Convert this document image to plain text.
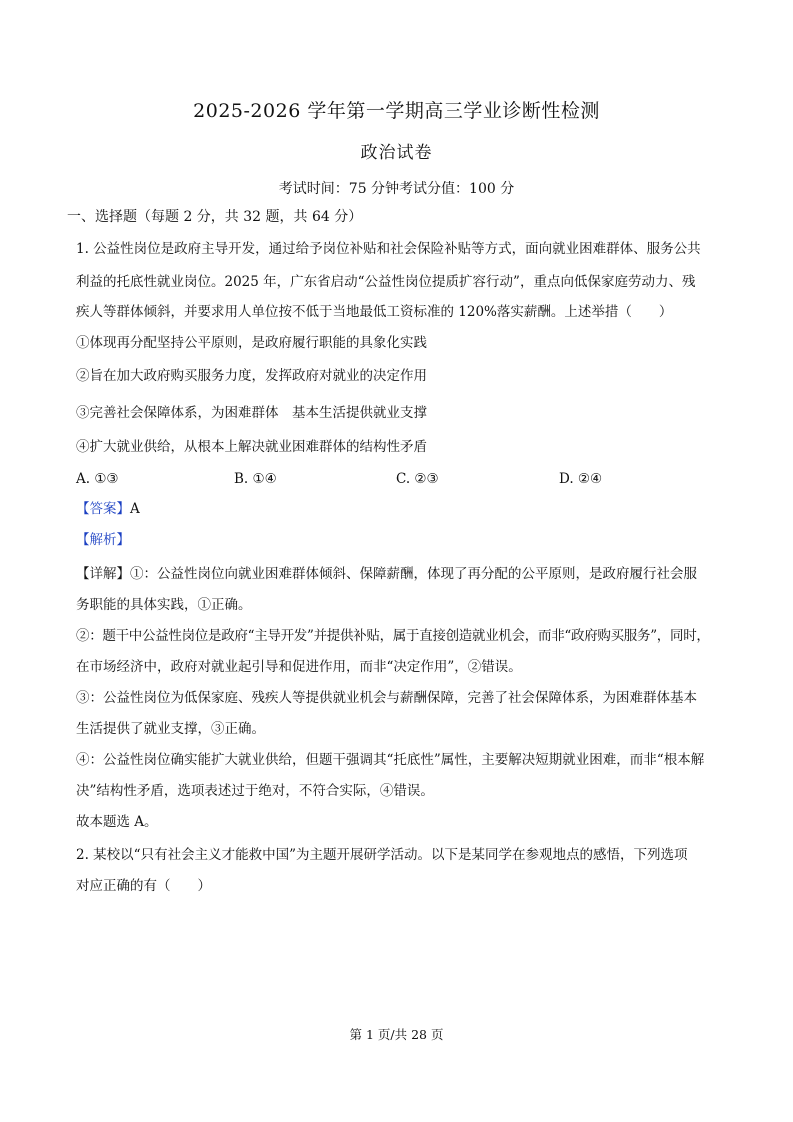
2025-2026 学年第一学期高三学业诊断性检测
政治试卷
考试时间：75 分钟考试分值：100 分
一、选择题（每题 2 分，共 32 题，共 64 分）
1. 公益性岗位是政府主导开发，通过给予岗位补贴和社会保险补贴等方式，面向就业困难群体、服务公共
利益的托底性就业岗位。2025 年，广东省启动“公益性岗位提质扩容行动”，重点向低保家庭劳动力、残
疾人等群体倾斜，并要求用人单位按不低于当地最低工资标准的 120%落实薪酬。上述举措（　　）
①体现再分配坚持公平原则，是政府履行职能的具象化实践
②旨在加大政府购买服务力度，发挥政府对就业的决定作用
③完善社会保障体系，为困难群体　基本生活提供就业支撑
④扩大就业供给，从根本上解决就业困难群体的结构性矛盾
A. ①③	B. ①④	C. ②③	D. ②④
【答案】A
【解析】
【详解】①：公益性岗位向就业困难群体倾斜、保障薪酬，体现了再分配的公平原则，是政府履行社会服
务职能的具体实践，①正确。
②：题干中公益性岗位是政府“主导开发”并提供补贴，属于直接创造就业机会，而非“政府购买服务”，同时，
在市场经济中，政府对就业起引导和促进作用，而非“决定作用”，②错误。
③：公益性岗位为低保家庭、残疾人等提供就业机会与薪酬保障，完善了社会保障体系，为困难群体基本
生活提供了就业支撑，③正确。
④：公益性岗位确实能扩大就业供给，但题干强调其“托底性”属性，主要解决短期就业困难，而非“根本解
决”结构性矛盾，选项表述过于绝对，不符合实际，④错误。
故本题选 A。
2. 某校以“只有社会主义才能救中国”为主题开展研学活动。以下是某同学在参观地点的感悟，下列选项
对应正确的有（　　）
第 1 页/共 28 页
